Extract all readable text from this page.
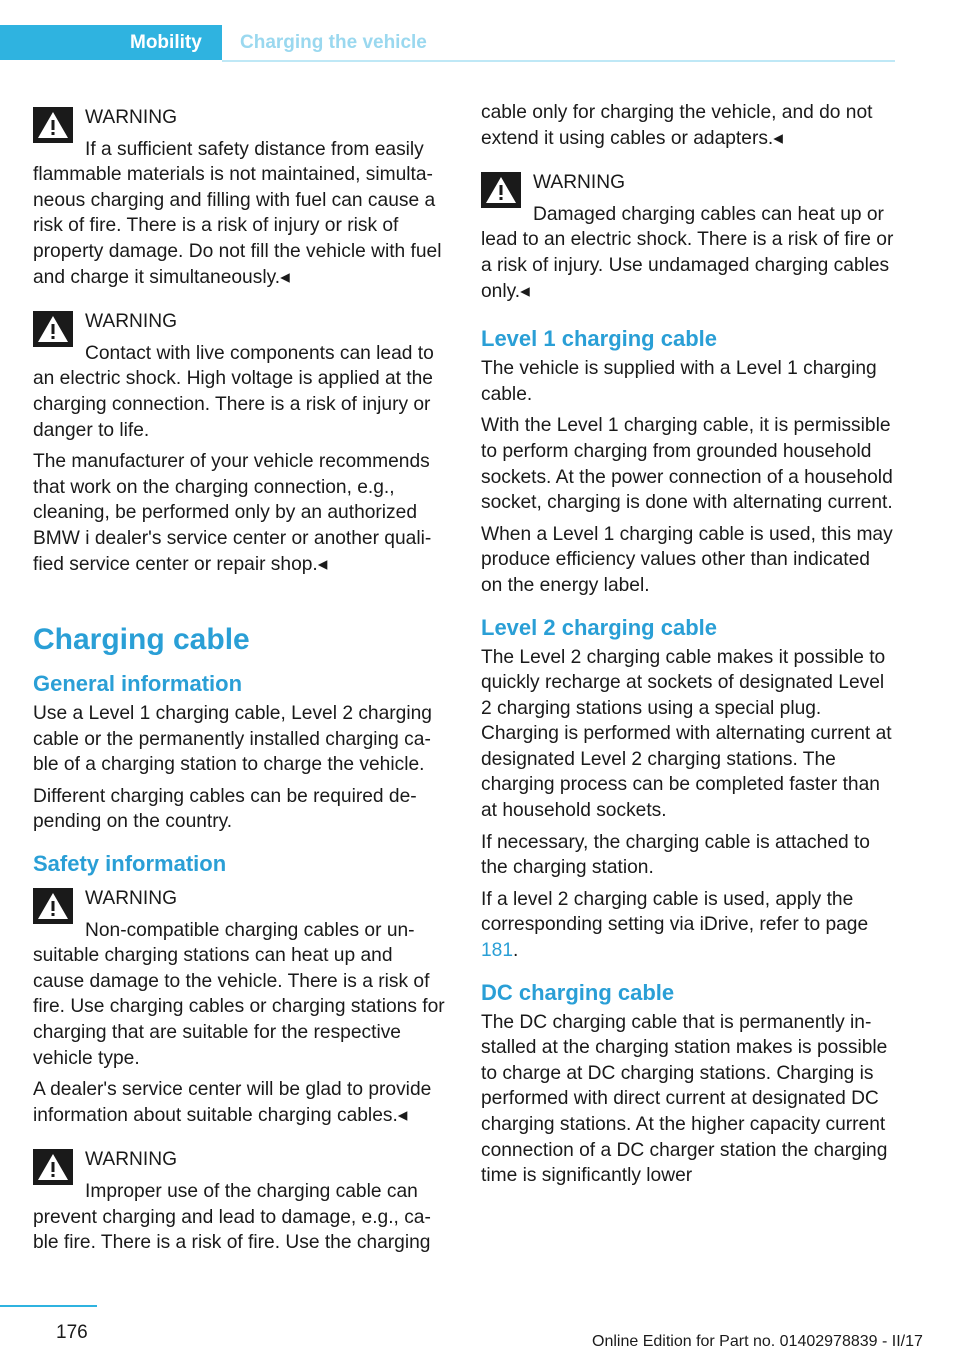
Mobility Charging the vehicle
WARNING

If a sufficient safety distance from easily flammable materials is not maintained, simultaneous charging and filling with fuel can cause a risk of fire. There is a risk of injury or risk of property damage. Do not fill the vehicle with fuel and charge it simultaneously.◂

WARNING

Contact with live components can lead to an electric shock. High voltage is applied at the charging connection. There is a risk of injury or danger to life.

The manufacturer of your vehicle recommends that work on the charging connection, e.g., cleaning, be performed only by an authorized BMW i dealer's service center or another qualified service center or repair shop.◂

Charging cable
General information

Use a Level 1 charging cable, Level 2 charging cable or the permanently installed charging cable of a charging station to charge the vehicle.

Different charging cables can be required depending on the country.

Safety information
WARNING

Non-compatible charging cables or unsuitable charging stations can heat up and cause damage to the vehicle. There is a risk of fire. Use charging cables or charging stations for charging that are suitable for the respective vehicle type.

A dealer's service center will be glad to provide information about suitable charging cables.◂

WARNING

Improper use of the charging cable can prevent charging and lead to damage, e.g., cable fire. There is a risk of fire. Use the charging

cable only for charging the vehicle, and do not extend it using cables or adapters.◂

WARNING

Damaged charging cables can heat up or lead to an electric shock. There is a risk of fire or a risk of injury. Use undamaged charging cables only.◂

Level 1 charging cable

The vehicle is supplied with a Level 1 charging cable.

With the Level 1 charging cable, it is permissible to perform charging from grounded household sockets. At the power connection of a household socket, charging is done with alternating current.

When a Level 1 charging cable is used, this may produce efficiency values other than indicated on the energy label.

Level 2 charging cable

The Level 2 charging cable makes it possible to quickly recharge at sockets of designated Level 2 charging stations using a special plug. Charging is performed with alternating current at designated Level 2 charging stations. The charging process can be completed faster than at household sockets.

If necessary, the charging cable is attached to the charging station.

If a level 2 charging cable is used, apply the corresponding setting via iDrive, refer to page 181.

DC charging cable

The DC charging cable that is permanently installed at the charging station makes is possible to charge at DC charging stations. Charging is performed with direct current at designated DC charging stations. At the higher capacity current connection of a DC charger station the charging time is significantly lower

176	Online Edition for Part no. 01402978839 - II/17
